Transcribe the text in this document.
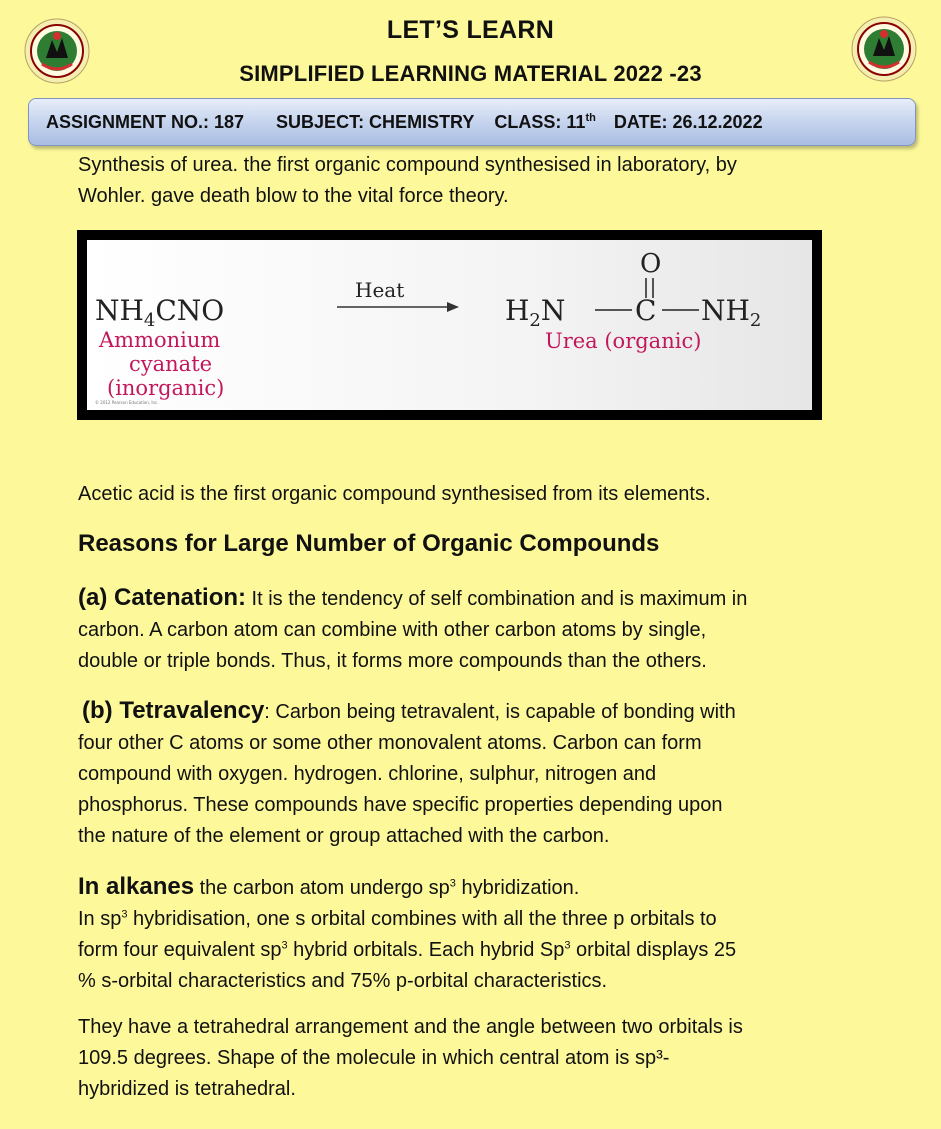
LET’S LEARN
SIMPLIFIED LEARNING MATERIAL 2022 -23
ASSIGNMENT NO.: 187 SUBJECT: CHEMISTRY CLASS: 11th DATE: 26.12.2022
Synthesis of urea. the first organic compound synthesised in laboratory, by
Wohler. gave death blow to the vital force theory.
$NH_4CNO$
Ammonium
cyanate
(inorganic)
Heat
$H_2N$ C $NH_2$
O
Urea (organic)
© 2012 Pearson Education, Inc.
Acetic acid is the first organic compound synthesised from its elements.
Reasons for Large Number of Organic Compounds
(a) Catenation: It is the tendency of self combination and is maximum in
carbon. A carbon atom can combine with other carbon atoms by single,
double or triple bonds. Thus, it forms more compounds than the others.
(b) Tetravalency: Carbon being tetravalent, is capable of bonding with
four other C atoms or some other monovalent atoms. Carbon can form
compound with oxygen. hydrogen. chlorine, sulphur, nitrogen and
phosphorus. These compounds have specific properties depending upon
the nature of the element or group attached with the carbon.
In alkanes the carbon atom undergo $sp^3$ hybridization.
In $sp^3$ hybridisation, one s orbital combines with all the three p orbitals to
form four equivalent $sp^3$ hybrid orbitals. Each hybrid Sp$^3$ orbital displays 25
% s-orbital characteristics and 75% p-orbital characteristics.
They have a tetrahedral arrangement and the angle between two orbitals is
109.5 degrees. Shape of the molecule in which central atom is sp³-
hybridized is tetrahedral.
